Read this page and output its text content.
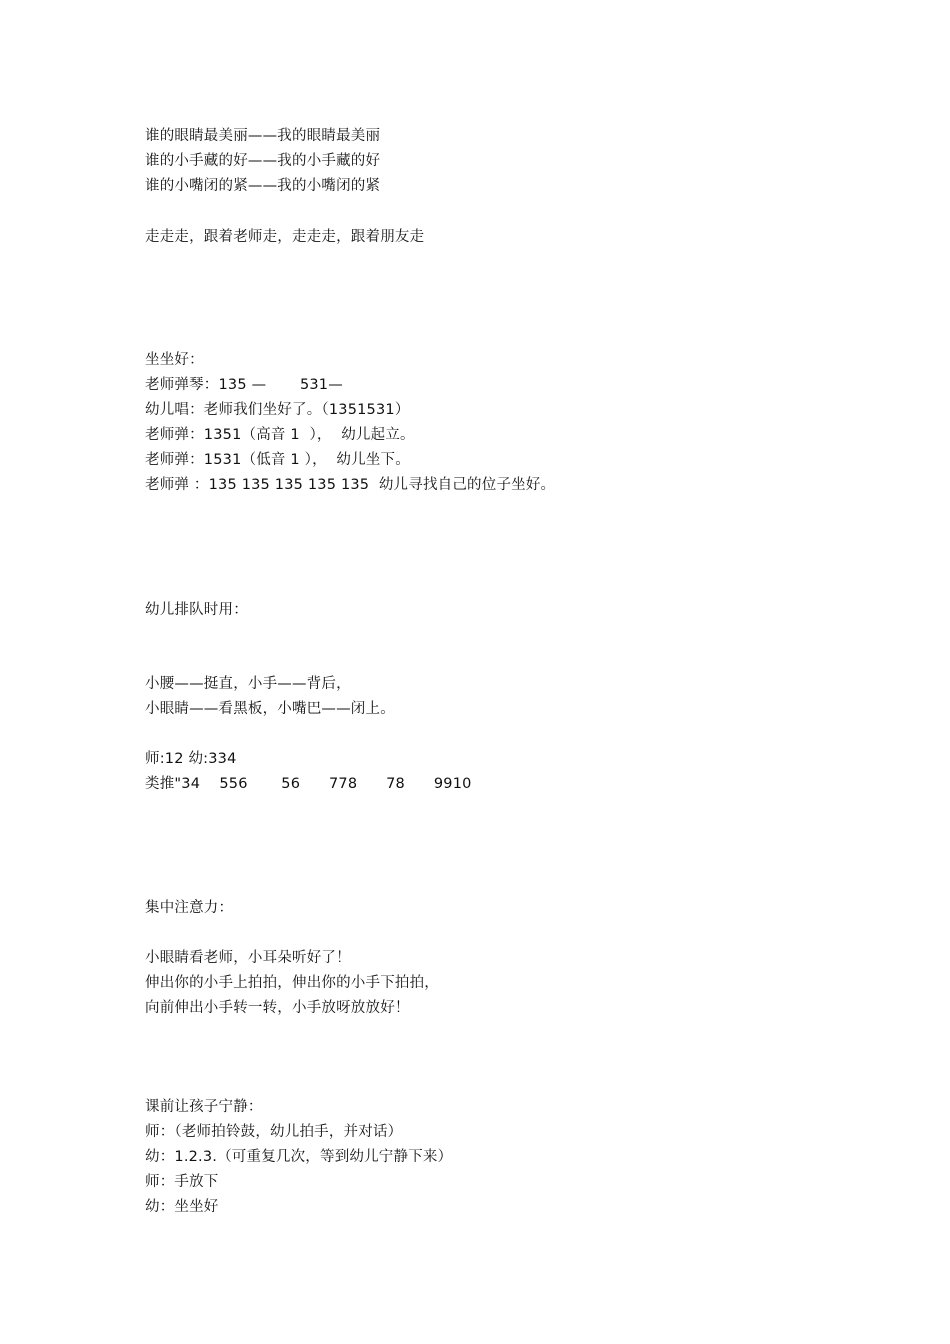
谁的眼睛最美丽——我的眼睛最美丽
谁的小手藏的好——我的小手藏的好
谁的小嘴闭的紧——我的小嘴闭的紧
走走走，跟着老师走，走走走，跟着朋友走
坐坐好：
老师弹琴：135 —       531—
幼儿唱：老师我们坐好了。（1351531）
老师弹：1351（高音 1  ），  幼儿起立。
老师弹：1531（低音 1 ），  幼儿坐下。
老师弹 ：135 135 135 135 135  幼儿寻找自己的位子坐好。
幼儿排队时用：
小腰——挺直，小手——背后，
小眼睛——看黑板，小嘴巴——闭上。
师:12 幼:334
类推"34    556       56      778      78      9910
集中注意力：
小眼睛看老师，小耳朵听好了！
伸出你的小手上拍拍，伸出你的小手下拍拍，
向前伸出小手转一转，小手放呀放放好！
课前让孩子宁静：
师：（老师拍铃鼓，幼儿拍手，并对话）
幼：1.2.3.（可重复几次，等到幼儿宁静下来）
师：手放下
幼：坐坐好
